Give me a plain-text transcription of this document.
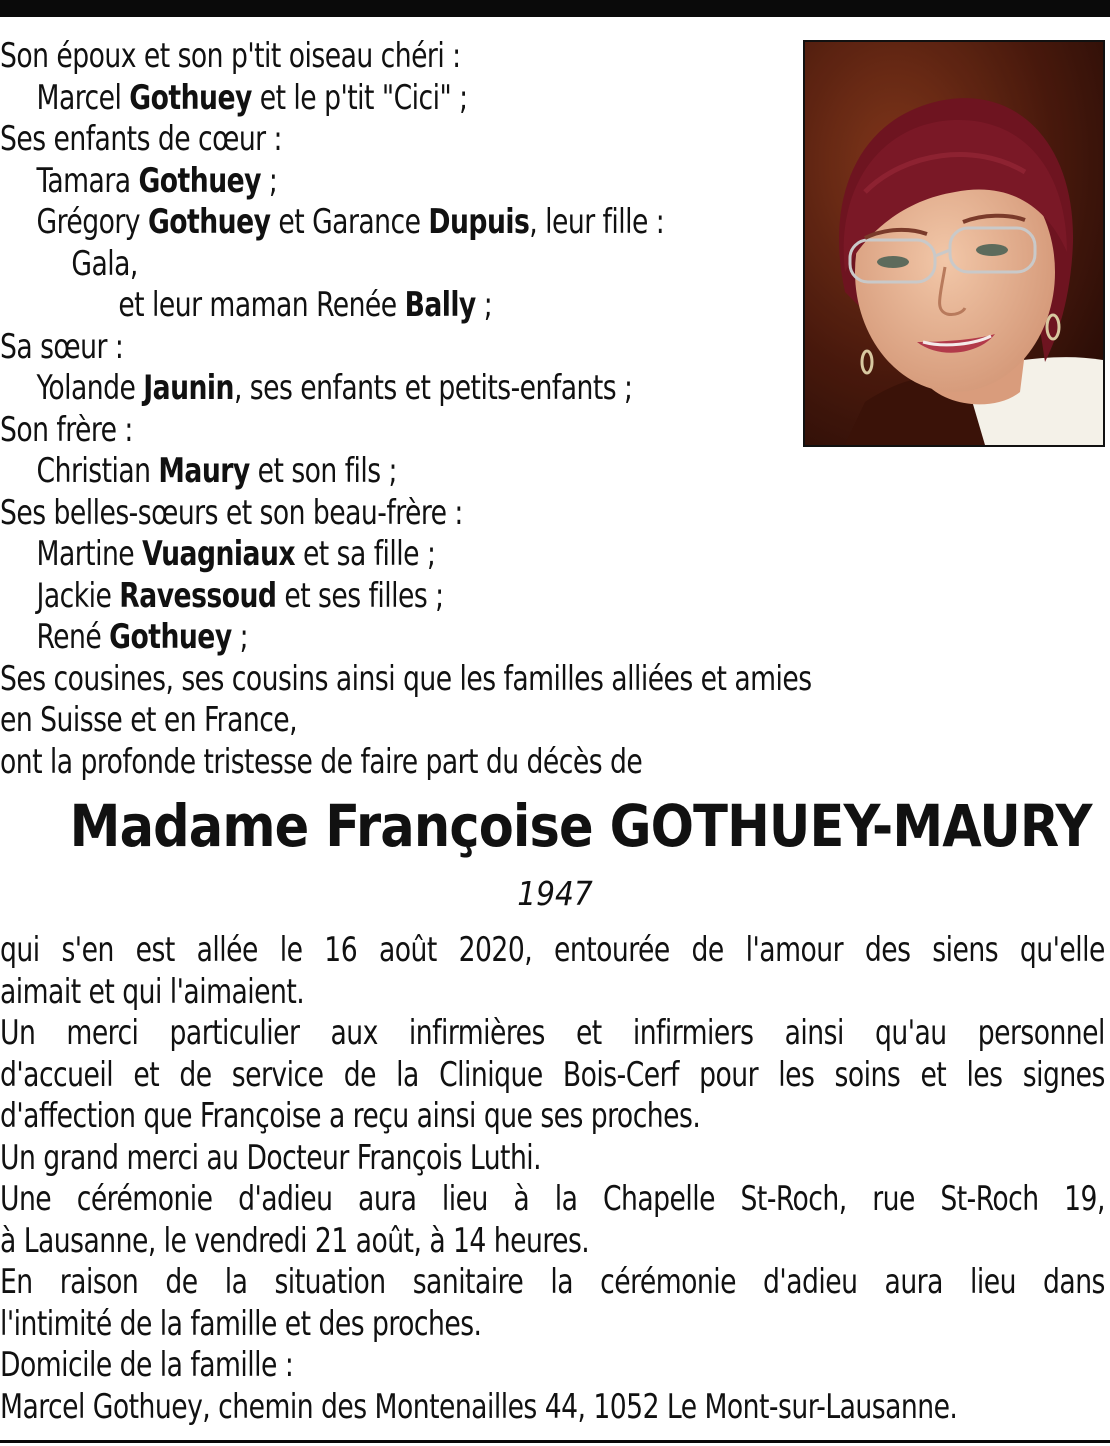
Son époux et son p'tit oiseau chéri :
Marcel Gothuey et le p'tit "Cici" ;
Ses enfants de cœur :
Tamara Gothuey ;
Grégory Gothuey et Garance Dupuis, leur fille :
Gala,
et leur maman Renée Bally ;
Sa sœur :
Yolande Jaunin, ses enfants et petits-enfants ;
Son frère :
Christian Maury et son fils ;
Ses belles-sœurs et son beau-frère :
Martine Vuagniaux et sa fille ;
Jackie Ravessoud et ses filles ;
René Gothuey ;
Ses cousines, ses cousins ainsi que les familles alliées et amies
en Suisse et en France,
ont la profonde tristesse de faire part du décès de
Madame Françoise GOTHUEY-MAURY
1947
qui s'en est allée le 16 août 2020, entourée de l'amour des siens qu'elle
aimait et qui l'aimaient.
Un merci particulier aux infirmières et infirmiers ainsi qu'au personnel
d'accueil et de service de la Clinique Bois-Cerf pour les soins et les signes
d'affection que Françoise a reçu ainsi que ses proches.
Un grand merci au Docteur François Luthi.
Une cérémonie d'adieu aura lieu à la Chapelle St-Roch, rue St-Roch 19,
à Lausanne, le vendredi 21 août, à 14 heures.
En raison de la situation sanitaire la cérémonie d'adieu aura lieu dans
l'intimité de la famille et des proches.
Domicile de la famille :
Marcel Gothuey, chemin des Montenailles 44, 1052 Le Mont-sur-Lausanne.
